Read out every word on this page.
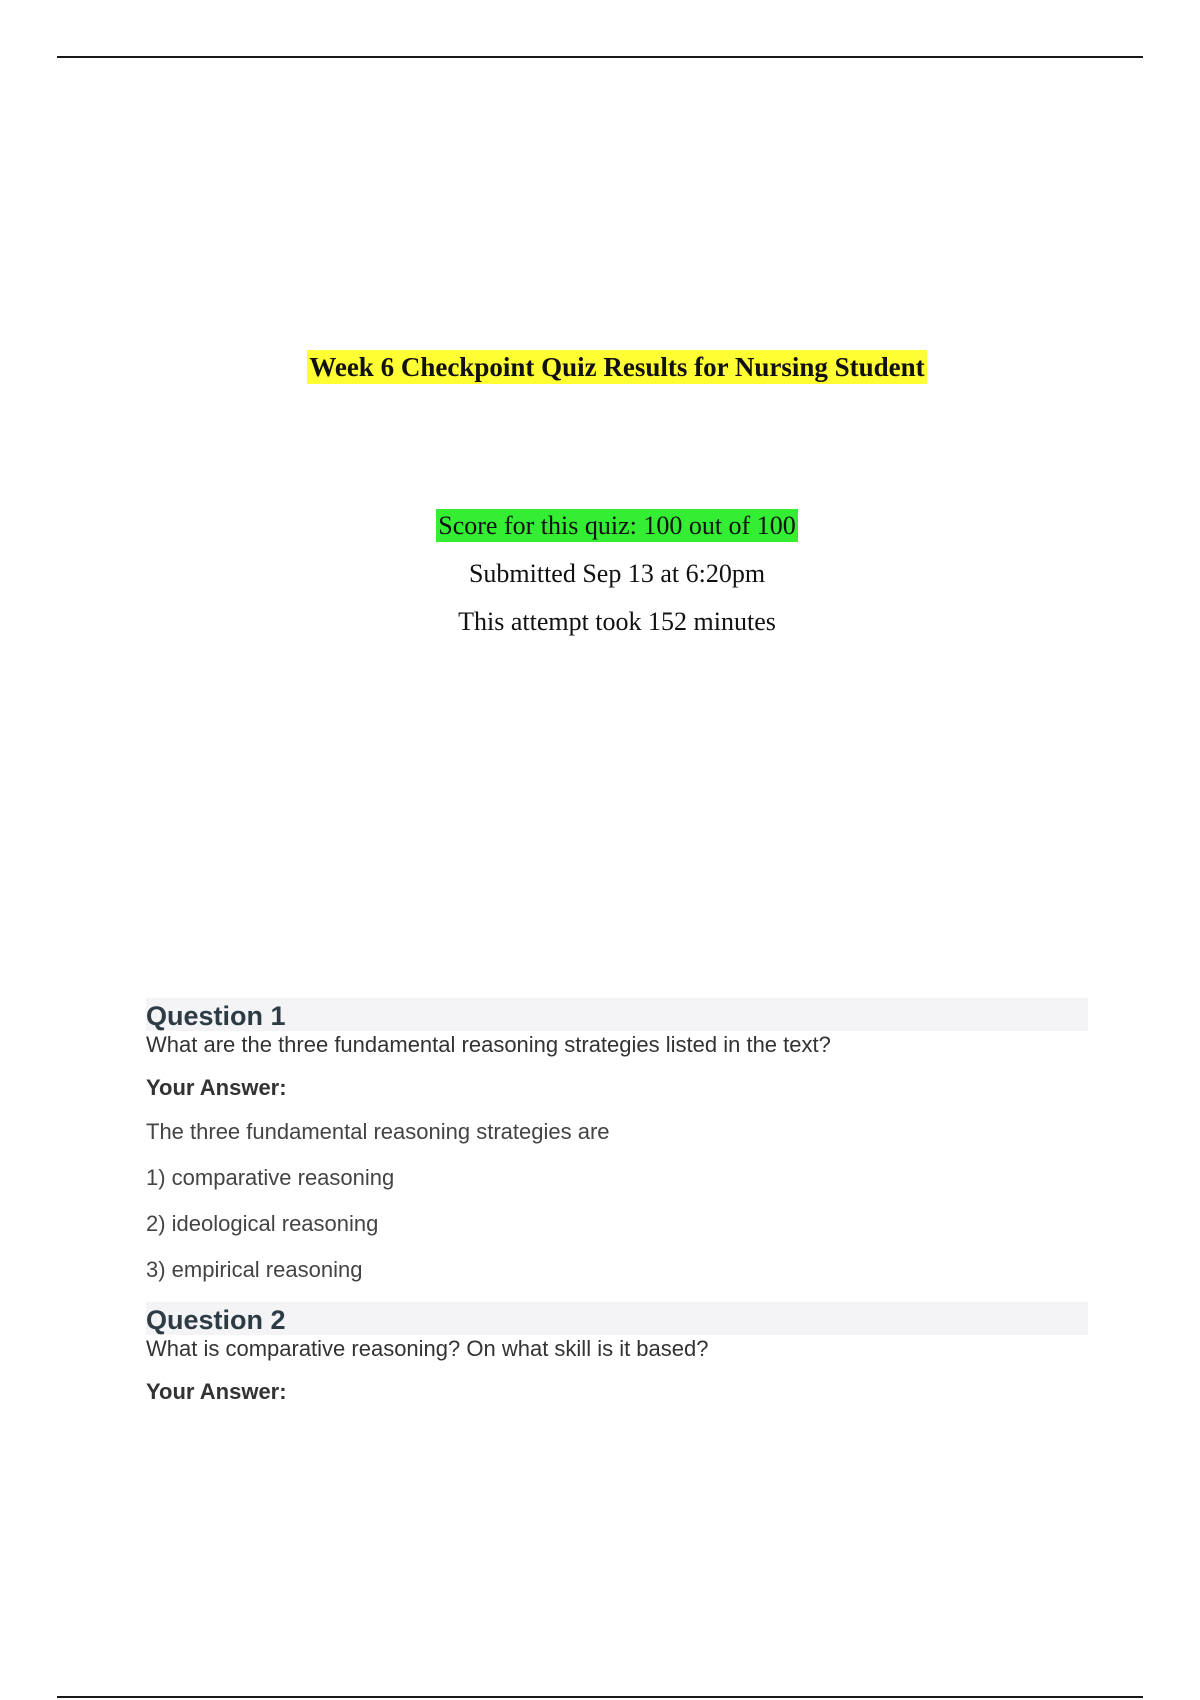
Week 6 Checkpoint Quiz Results for Nursing Student

Score for this quiz: 100 out of 100

Submitted Sep 13 at 6:20pm

This attempt took 152 minutes

Question 1

What are the three fundamental reasoning strategies listed in the text?

Your Answer:

The three fundamental reasoning strategies are

1) comparative reasoning

2) ideological reasoning

3) empirical reasoning

Question 2

What is comparative reasoning? On what skill is it based?

Your Answer:
